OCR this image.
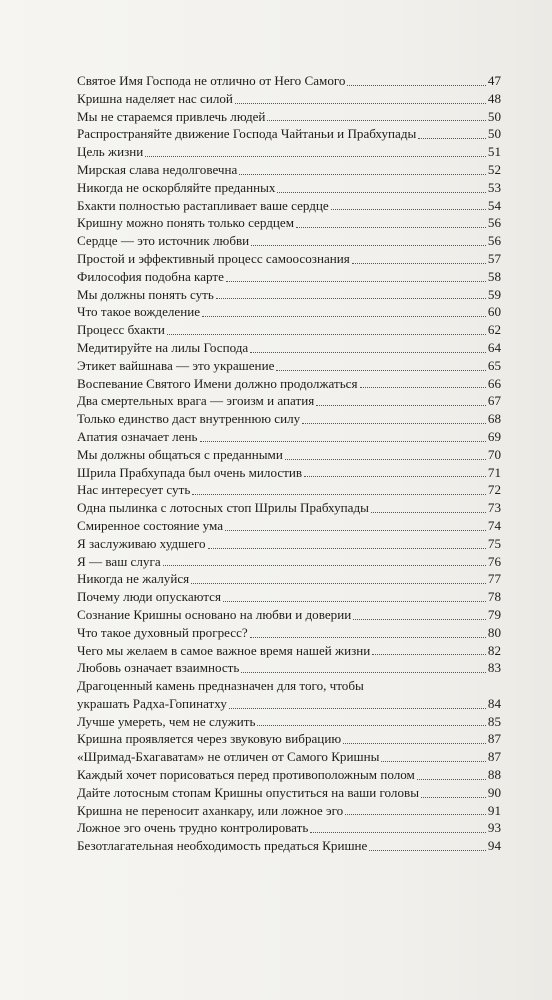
Святое Имя Господа не отлично от Него Самого	47
Кришна наделяет нас силой	48
Мы не стараемся привлечь людей	50
Распространяйте движение Господа Чайтаньи и Прабхупады	50
Цель жизни	51
Мирская слава недолговечна	52
Никогда не оскорбляйте преданных	53
Бхакти полностью растапливает ваше сердце	54
Кришну можно понять только сердцем	56
Сердце — это источник любви	56
Простой и эффективный процесс самоосознания	57
Философия подобна карте	58
Мы должны понять суть	59
Что такое вожделение	60
Процесс бхакти	62
Медитируйте на лилы Господа	64
Этикет вайшнава — это украшение	65
Воспевание Святого Имени должно продолжаться	66
Два смертельных врага — эгоизм и апатия	67
Только единство даст внутреннюю силу	68
Апатия означает лень	69
Мы должны общаться с преданными	70
Шрила Прабхупада был очень милостив	71
Нас интересует суть	72
Одна пылинка с лотосных стоп Шрилы Прабхупады	73
Смиренное состояние ума	74
Я заслуживаю худшего	75
Я — ваш слуга	76
Никогда не жалуйся	77
Почему люди опускаются	78
Сознание Кришны основано на любви и доверии	79
Что такое духовный прогресс?	80
Чего мы желаем в самое важное время нашей жизни	82
Любовь означает взаимность	83
Драгоценный камень предназначен для того, чтобы
украшать Радха-Гопинатху	84
Лучше умереть, чем не служить	85
Кришна проявляется через звуковую вибрацию	87
«Шримад-Бхагаватам» не отличен от Самого Кришны	87
Каждый хочет порисоваться перед противоположным полом	88
Дайте лотосным стопам Кришны опуститься на ваши головы	90
Кришна не переносит аханкару, или ложное эго	91
Ложное эго очень трудно контролировать	93
Безотлагательная необходимость предаться Кришне	94
